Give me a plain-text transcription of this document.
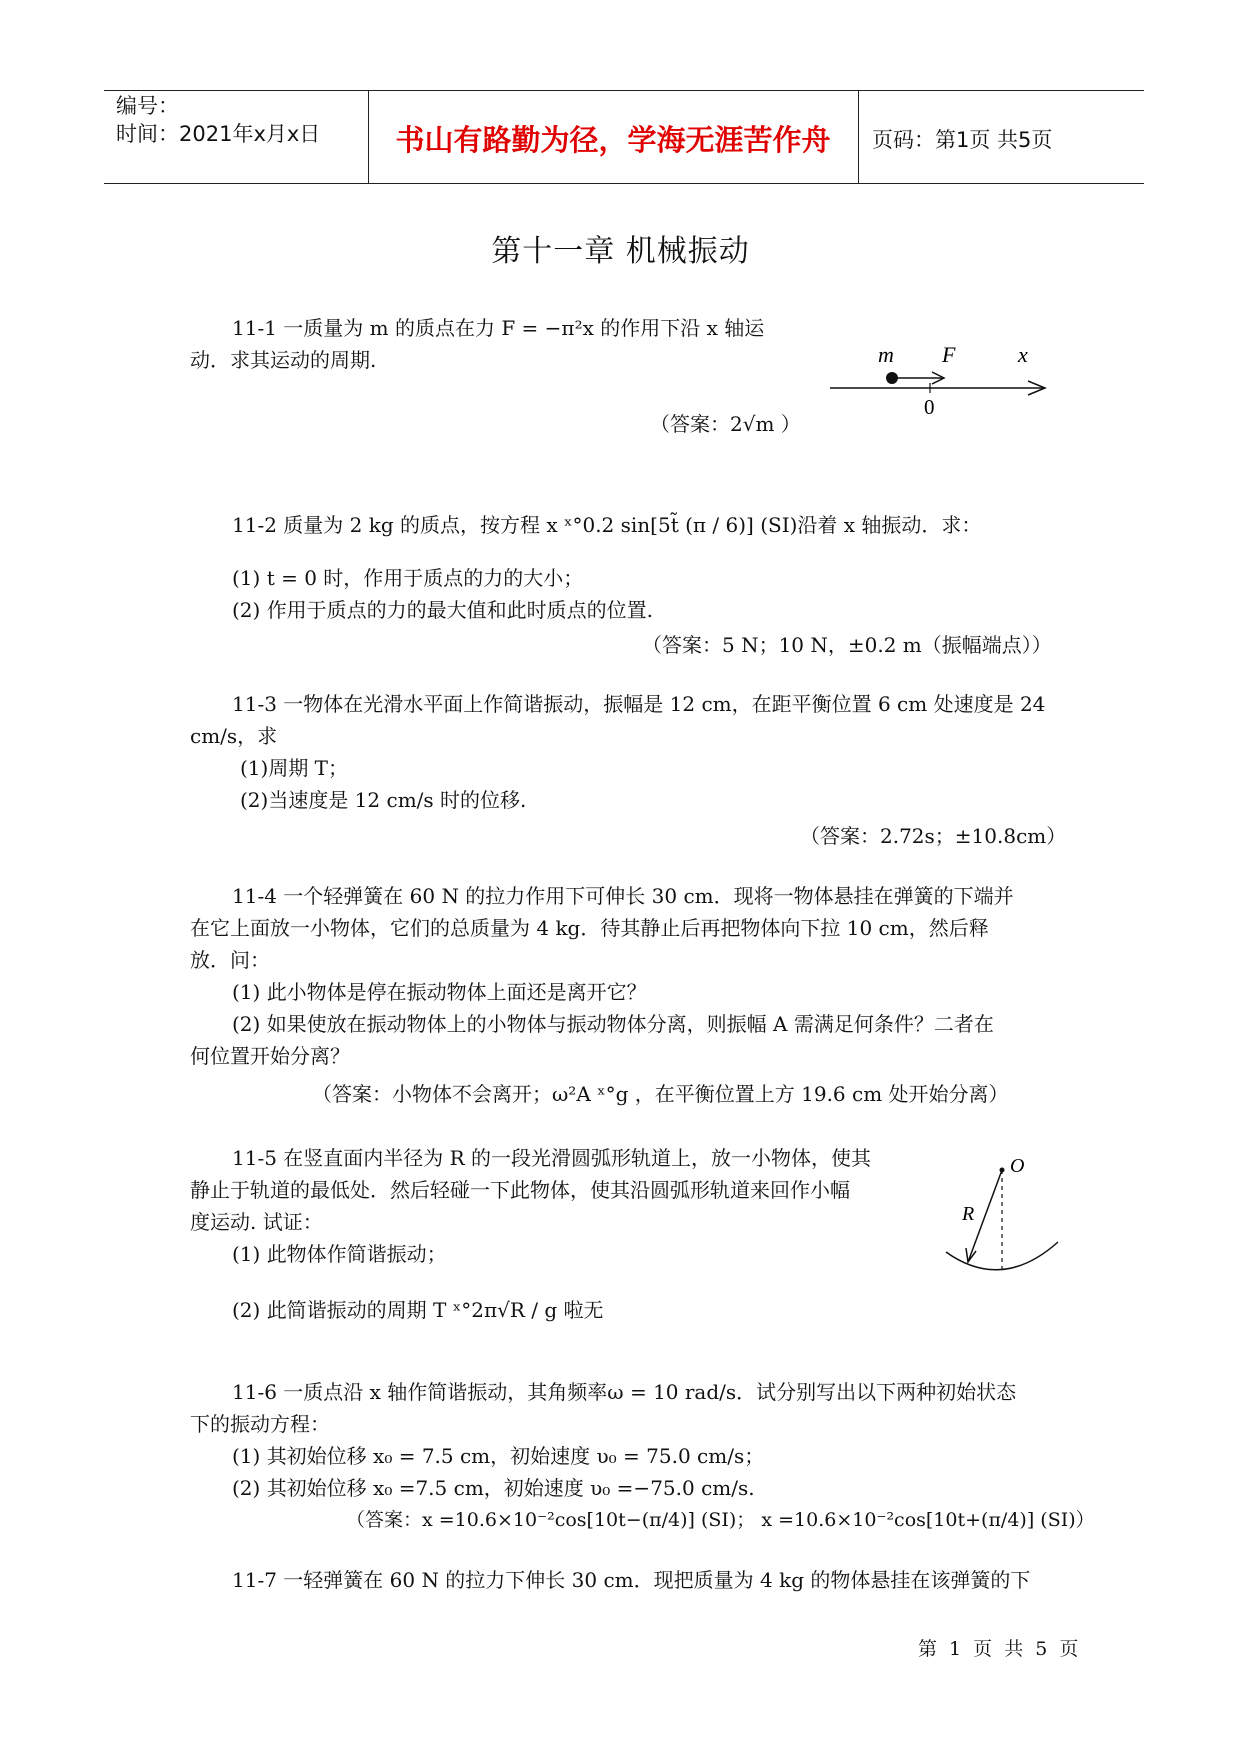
编号：
时间：2021年x月x日	书山有路勤为径，学海无涯苦作舟	页码：第1页 共5页
第十一章 机械振动
11-1 一质量为 m 的质点在力 F = −π²x 的作用下沿 x 轴运
动．求其运动的周期.
（答案：2√m ）
m F	x
0
11-2 质量为 2 kg 的质点，按方程 x ˣ°0.2 sin[5t̃ (π / 6)] (SI)沿着 x 轴振动．求：
(1) t = 0 时，作用于质点的力的大小；
(2) 作用于质点的力的最大值和此时质点的位置.
（答案：5 N；10 N，±0.2 m（振幅端点））
11-3 一物体在光滑水平面上作简谐振动，振幅是 12 cm，在距平衡位置 6 cm 处速度是 24
cm/s，求
(1)周期 T；
(2)当速度是 12 cm/s 时的位移.
（答案：2.72s；±10.8cm）
11-4 一个轻弹簧在 60 N 的拉力作用下可伸长 30 cm．现将一物体悬挂在弹簧的下端并
在它上面放一小物体，它们的总质量为 4 kg．待其静止后再把物体向下拉 10 cm，然后释
放．问：
(1) 此小物体是停在振动物体上面还是离开它？
(2) 如果使放在振动物体上的小物体与振动物体分离，则振幅 A 需满足何条件？二者在
何位置开始分离？
（答案：小物体不会离开；ω²A ˣ°g ，在平衡位置上方 19.6 cm 处开始分离）
11-5 在竖直面内半径为 R 的一段光滑圆弧形轨道上，放一小物体，使其
静止于轨道的最低处．然后轻碰一下此物体，使其沿圆弧形轨道来回作小幅
度运动. 试证：
(1) 此物体作简谐振动；
(2) 此简谐振动的周期 T ˣ°2π√R / g 啦无
O
R
11-6 一质点沿 x 轴作简谐振动，其角频率ω = 10 rad/s．试分别写出以下两种初始状态
下的振动方程：
(1) 其初始位移 x₀ = 7.5 cm，初始速度 υ₀ = 75.0 cm/s；
(2) 其初始位移 x₀ =7.5 cm，初始速度 υ₀ =−75.0 cm/s.
（答案：x =10.6×10⁻²cos[10t−(π/4)] (SI)； x =10.6×10⁻²cos[10t+(π/4)] (SI)）
11-7 一轻弹簧在 60 N 的拉力下伸长 30 cm．现把质量为 4 kg 的物体悬挂在该弹簧的下
第 1 页 共 5 页
